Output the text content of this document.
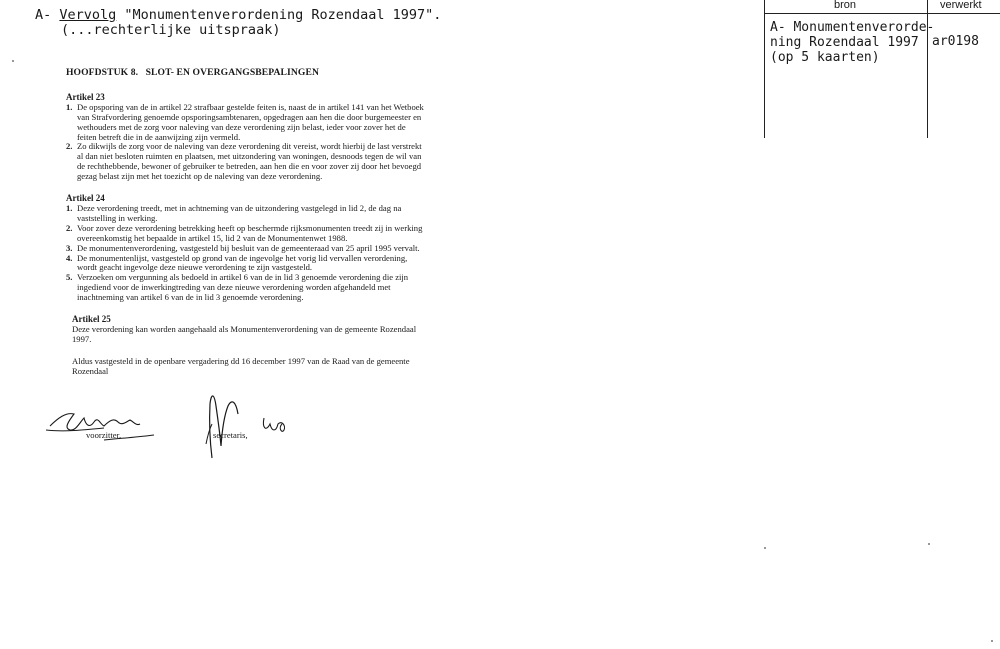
A- Vervolg "Monumentenverordening Rozendaal 1997".
(...rechterlijke uitspraak)
bron	verwerkt
A- Monumentenverorde-
ning Rozendaal 1997
(op 5 kaarten)
ar0198
HOOFDSTUK 8.   SLOT- EN OVERGANGSBEPALINGEN
Artikel 23
1. De opsporing van de in artikel 22 strafbaar gestelde feiten is, naast de in artikel 141 van het Wetboek van Strafvordering genoemde opsporingsambtenaren, opgedragen aan hen die door burgemeester en wethouders met de zorg voor naleving van deze verordening zijn belast, ieder voor zover het de feiten betreft die in de aanwijzing zijn vermeld.
2. Zo dikwijls de zorg voor de naleving van deze verordening dit vereist, wordt hierbij de last verstrekt al dan niet besloten ruimten en plaatsen, met uitzondering van woningen, desnoods tegen de wil van de rechthebbende, bewoner of gebruiker te betreden, aan hen die en voor zover zij door het bevoegd gezag belast zijn met het toezicht op de naleving van deze verordening.
Artikel 24
1. Deze verordening treedt, met in achtneming van de uitzondering vastgelegd in lid 2, de dag na vaststelling in werking.
2. Voor zover deze verordening betrekking heeft op beschermde rijksmonumenten treedt zij in werking overeenkomstig het bepaalde in artikel 15, lid 2 van de Monumentenwet 1988.
3. De monumentenverordening, vastgesteld bij besluit van de gemeenteraad van 25 april 1995 vervalt.
4. De monumentenlijst, vastgesteld op grond van de ingevolge het vorig lid vervallen verordening, wordt geacht ingevolge deze nieuwe verordening te zijn vastgesteld.
5. Verzoeken om vergunning als bedoeld in artikel 6 van de in lid 3 genoemde verordening die zijn ingediend voor de inwerkingtreding van deze nieuwe verordening worden afgehandeld met inachtneming van artikel 6 van de in lid 3 genoemde verordening.
Artikel 25
Deze verordening kan worden aangehaald als Monumentenverordening van de gemeente Rozendaal 1997.
Aldus vastgesteld in de openbare vergadering dd 16 december 1997 van de Raad van de gemeente Rozendaal
voorzitter,	secretaris,
